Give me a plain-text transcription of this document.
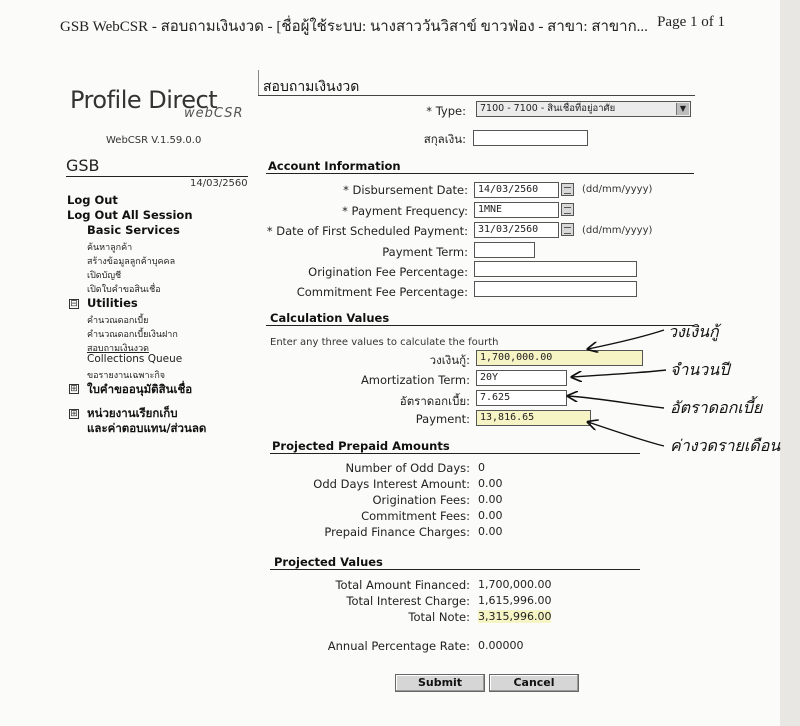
GSB WebCSR - สอบถามเงินงวด - [ชื่อผู้ใช้ระบบ: นางสาววันวิสาข์ ขาวฟ่อง - สาขา: สาขาก... Page 1 of 1
Profile Direct
webCSR
WebCSR V.1.59.0.0
GSB
14/03/2560
Log Out
Log Out All Session
Basic Services
ค้นหาลูกค้า
สร้างข้อมูลลูกค้าบุคคล
เปิดบัญชี
เปิดใบคำขอสินเชื่อ
⊟ Utilities
คำนวณดอกเบี้ย
คำนวณดอกเบี้ยเงินฝาก
สอบถามเงินงวด
Collections Queue
ขอรายงานเฉพาะกิจ
⊞ ใบคำขออนุมัติสินเชื่อ
⊞ หน่วยงานเรียกเก็บ
และค่าตอบแทน/ส่วนลด
สอบถามเงินงวด
* Type:	7100 - 7100 - สินเชื่อที่อยู่อาศัย	▼
สกุลเงิน:
Account Information
* Disbursement Date:	14/03/2560	(dd/mm/yyyy)
* Payment Frequency:	1MNE
* Date of First Scheduled Payment:	31/03/2560	(dd/mm/yyyy)
Payment Term:
Origination Fee Percentage:
Commitment Fee Percentage:
Calculation Values
Enter any three values to calculate the fourth
วงเงินกู้:	1,700,000.00
Amortization Term:	20Y
อัตราดอกเบี้ย:	7.625
Payment:	13,816.65
Projected Prepaid Amounts
Number of Odd Days: 0
Odd Days Interest Amount: 0.00
Origination Fees: 0.00
Commitment Fees: 0.00
Prepaid Finance Charges: 0.00
Projected Values
Total Amount Financed: 1,700,000.00
Total Interest Charge: 1,615,996.00
Total Note: 3,315,996.00
Annual Percentage Rate: 0.00000
Submit	Cancel
วงเงินกู้
จำนวนปี
อัตราดอกเบี้ย
ค่างวดรายเดือน
